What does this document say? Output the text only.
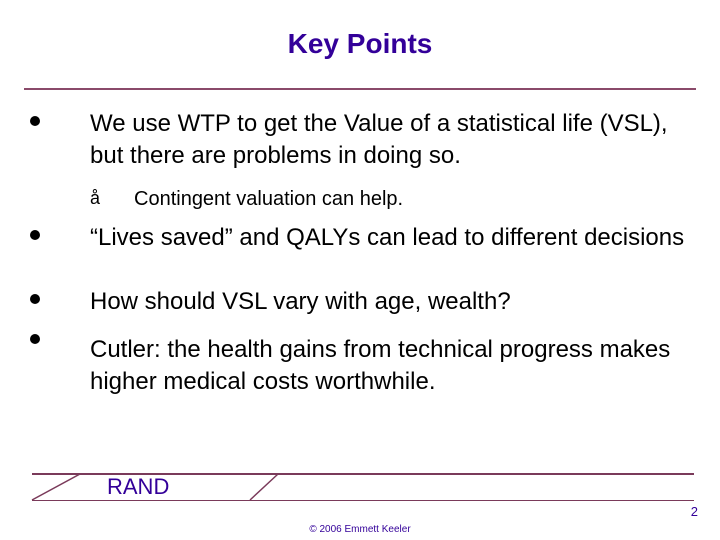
Key Points
We use WTP to get the Value of a statistical life (VSL), but there are problems in doing so.
å Contingent valuation can help.
“Lives saved” and QALYs can lead to different decisions
How should VSL vary with age, wealth?
Cutler: the health gains from technical progress makes higher medical costs worthwhile.
RAND
2
© 2006 Emmett Keeler
